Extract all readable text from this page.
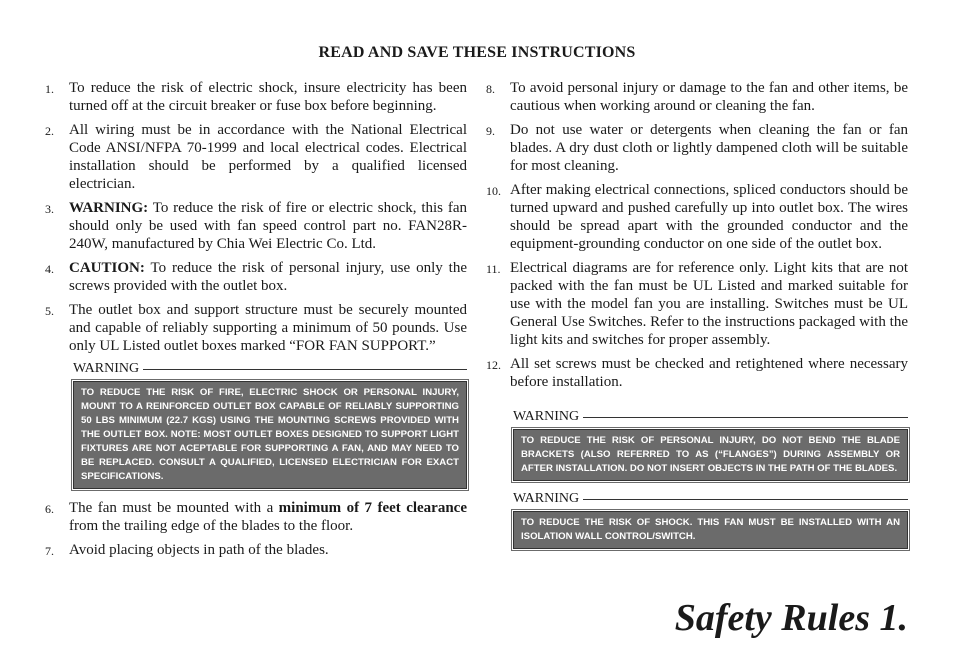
READ AND SAVE THESE INSTRUCTIONS
1.	To reduce the risk of electric shock, insure electricity has been turned off at the circuit breaker or fuse box before beginning.
2.	All wiring must be in accordance with the National Electrical Code ANSI/NFPA 70-1999 and local electrical codes. Electrical installation should be performed by a qualified licensed electrician.
3.	WARNING: To reduce the risk of fire or electric shock, this fan should only be used with fan speed control part no. FAN28R-240W, manufactured by Chia Wei Electric Co. Ltd.
4.	CAUTION: To reduce the risk of personal injury, use only the screws provided with the outlet box.
5.	The outlet box and support structure must be securely mounted and capable of reliably supporting a minimum of 50 pounds. Use only UL Listed outlet boxes marked “FOR FAN SUPPORT.”
WARNING
TO REDUCE THE RISK OF FIRE, ELECTRIC SHOCK OR PERSONAL INJURY, MOUNT TO A REINFORCED OUTLET BOX CAPABLE OF RELIABLY SUPPORTING 50 LBS MINIMUM (22.7 KGS) USING THE MOUNTING SCREWS PROVIDED WITH THE OUTLET BOX. NOTE: MOST OUTLET BOXES DESIGNED TO SUPPORT LIGHT FIXTURES ARE NOT ACEPTABLE FOR SUPPORTING A FAN, AND MAY NEED TO BE REPLACED. CONSULT A QUALIFIED, LICENSED ELECTRICIAN FOR EXACT SPECIFICATIONS.
6.	The fan must be mounted with a minimum of 7 feet clearance from the trailing edge of the blades to the floor.
7.	Avoid placing objects in path of the blades.
8.	To avoid personal injury or damage to the fan and other items, be cautious when working around or cleaning the fan.
9.	Do not use water or detergents when cleaning the fan or fan blades. A dry dust cloth or lightly dampened cloth will be suitable for most cleaning.
10. After making electrical connections, spliced conductors should be turned upward and pushed carefully up into outlet box. The wires should be spread apart with the grounded conductor and the equipment-grounding conductor on one side of the outlet box.
11. Electrical diagrams are for reference only. Light kits that are not packed with the fan must be UL Listed and marked suitable for use with the model fan you are installing. Switches must be UL General Use Switches. Refer to the instructions packaged with the light kits and switches for proper assembly.
12. All set screws must be checked and retightened where necessary before installation.
WARNING
TO REDUCE THE RISK OF PERSONAL INJURY, DO NOT BEND THE BLADE BRACKETS (ALSO REFERRED TO AS (“FLANGES”) DURING ASSEMBLY OR AFTER INSTALLATION. DO NOT INSERT OBJECTS IN THE PATH OF THE BLADES.
WARNING
TO REDUCE THE RISK OF SHOCK. THIS FAN MUST BE INSTALLED WITH AN ISOLATION WALL CONTROL/SWITCH.
Safety Rules 1.
